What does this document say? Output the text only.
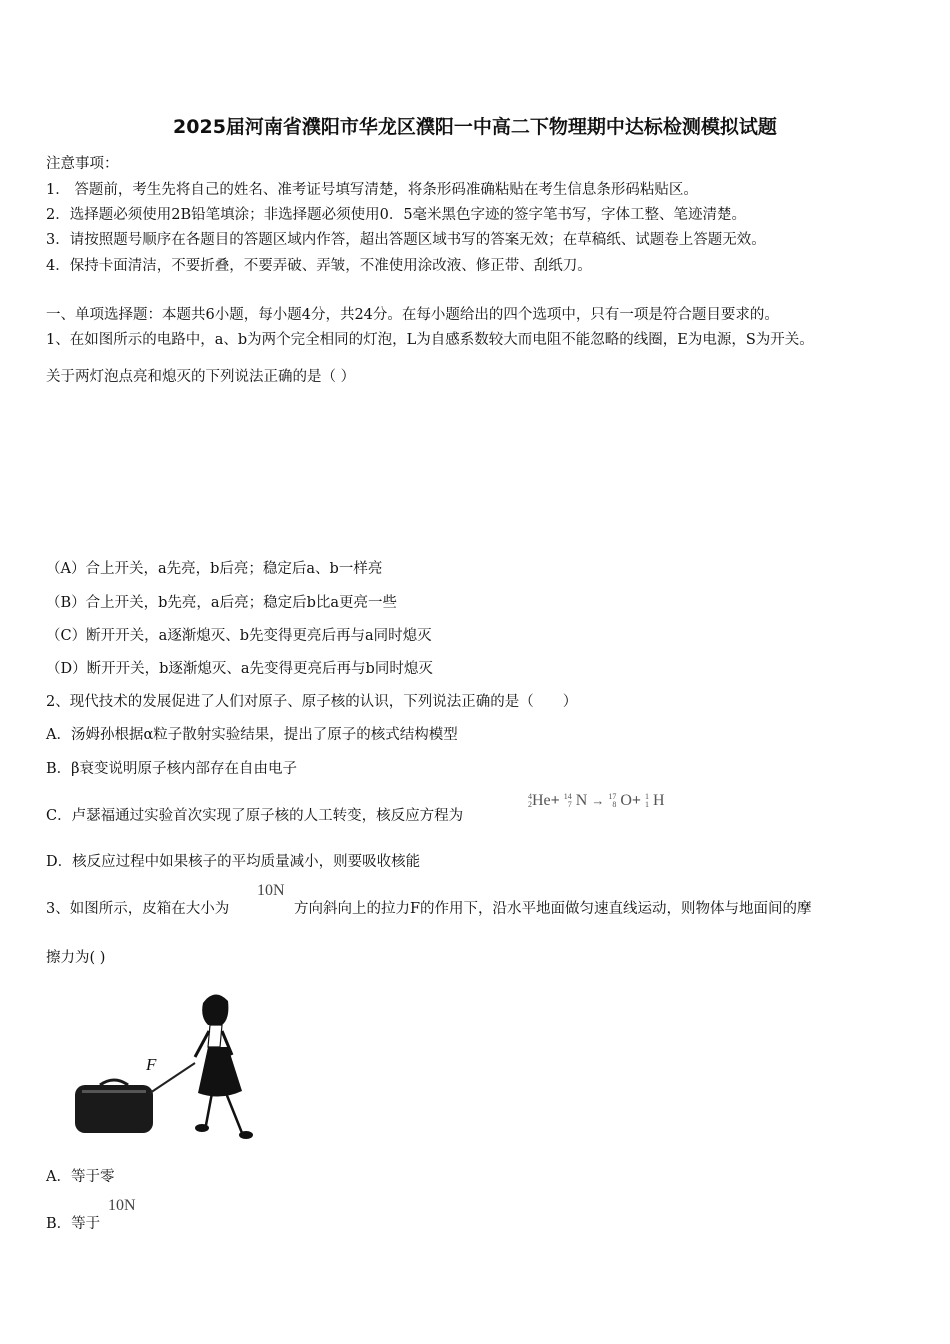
2025届河南省濮阳市华龙区濮阳一中高二下物理期中达标检测模拟试题
注意事项：
1． 答题前，考生先将自己的姓名、准考证号填写清楚，将条形码准确粘贴在考生信息条形码粘贴区。
2．选择题必须使用2B铅笔填涂；非选择题必须使用0．5毫米黑色字迹的签字笔书写，字体工整、笔迹清楚。
3．请按照题号顺序在各题目的答题区域内作答，超出答题区域书写的答案无效；在草稿纸、试题卷上答题无效。
4．保持卡面清洁，不要折叠，不要弄破、弄皱，不准使用涂改液、修正带、刮纸刀。
一、单项选择题：本题共6小题，每小题4分，共24分。在每小题给出的四个选项中，只有一项是符合题目要求的。
1、在如图所示的电路中，a、b为两个完全相同的灯泡，L为自感系数较大而电阻不能忽略的线圈，E为电源，S为开关。
关于两灯泡点亮和熄灭的下列说法正确的是（ ）
（A）合上开关，a先亮，b后亮；稳定后a、b一样亮
（B）合上开关，b先亮，a后亮；稳定后b比a更亮一些
（C）断开开关，a逐渐熄灭、b先变得更亮后再与a同时熄灭
（D）断开开关，b逐渐熄灭、a先变得更亮后再与b同时熄灭
2、现代技术的发展促进了人们对原子、原子核的认识，下列说法正确的是（　　）
A．汤姆孙根据α粒子散射实验结果，提出了原子的核式结构模型
B．β衰变说明原子核内部存在自由电子
C．卢瑟福通过实验首次实现了原子核的人工转变，核反应方程为
4
2He + 14
7 N → 17
8 O + 1
1 H
D．核反应过程中如果核子的平均质量减小，则要吸收核能
3、如图所示，皮箱在大小为
10N
方向斜向上的拉力F的作用下，沿水平地面做匀速直线运动，则物体与地面间的摩
擦力为( )
F
A．等于零
B．等于
10N
